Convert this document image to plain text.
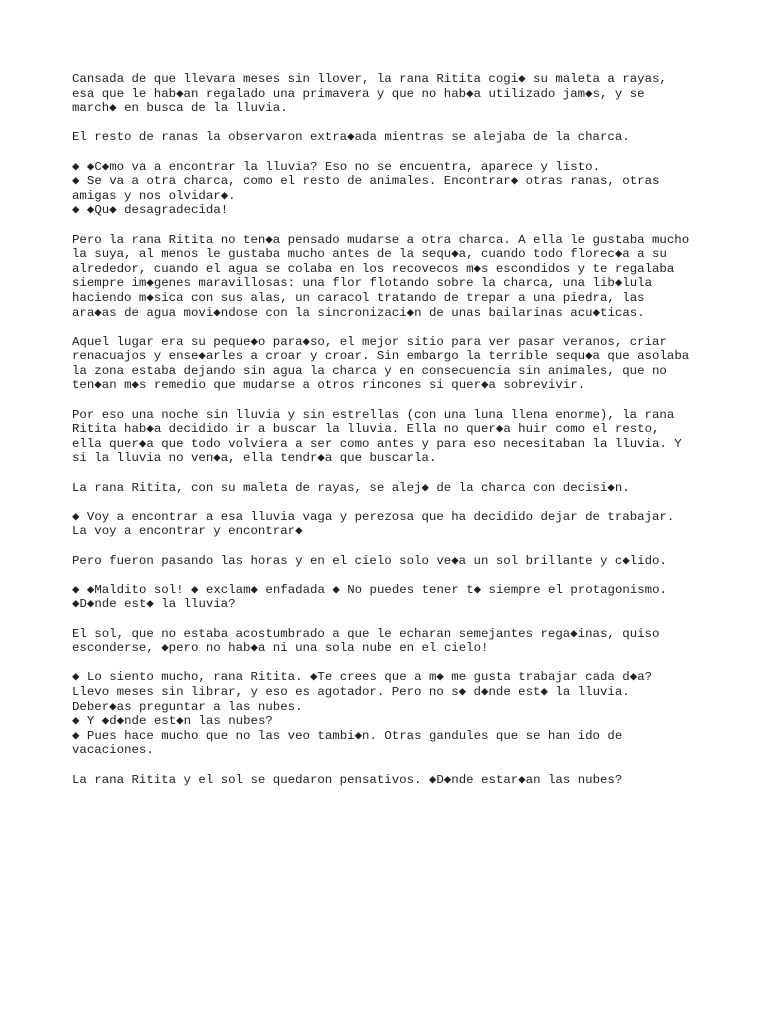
Cansada de que llevara meses sin llover, la rana Ritita cogi◆ su maleta a rayas,
esa que le hab◆an regalado una primavera y que no hab◆a utilizado jam◆s, y se
march◆ en busca de la lluvia.

El resto de ranas la observaron extra◆ada mientras se alejaba de la charca.

◆ ◆C◆mo va a encontrar la lluvia? Eso no se encuentra, aparece y listo.
◆ Se va a otra charca, como el resto de animales. Encontrar◆ otras ranas, otras
amigas y nos olvidar◆.
◆ ◆Qu◆ desagradecida!

Pero la rana Ritita no ten◆a pensado mudarse a otra charca. A ella le gustaba mucho
la suya, al menos le gustaba mucho antes de la sequ◆a, cuando todo florec◆a a su
alrededor, cuando el agua se colaba en los recovecos m◆s escondidos y te regalaba
siempre im◆genes maravillosas: una flor flotando sobre la charca, una lib◆lula
haciendo m◆sica con sus alas, un caracol tratando de trepar a una piedra, las
ara◆as de agua movi◆ndose con la sincronizaci◆n de unas bailarinas acu◆ticas.

Aquel lugar era su peque◆o para◆so, el mejor sitio para ver pasar veranos, criar
renacuajos y ense◆arles a croar y croar. Sin embargo la terrible sequ◆a que asolaba
la zona estaba dejando sin agua la charca y en consecuencia sin animales, que no
ten◆an m◆s remedio que mudarse a otros rincones si quer◆a sobrevivir.

Por eso una noche sin lluvia y sin estrellas (con una luna llena enorme), la rana
Ritita hab◆a decidido ir a buscar la lluvia. Ella no quer◆a huir como el resto,
ella quer◆a que todo volviera a ser como antes y para eso necesitaban la lluvia. Y
si la lluvia no ven◆a, ella tendr◆a que buscarla.

La rana Ritita, con su maleta de rayas, se alej◆ de la charca con decisi◆n.

◆ Voy a encontrar a esa lluvia vaga y perezosa que ha decidido dejar de trabajar.
La voy a encontrar y encontrar◆

Pero fueron pasando las horas y en el cielo solo ve◆a un sol brillante y c◆lido.

◆ ◆Maldito sol! ◆ exclam◆ enfadada ◆ No puedes tener t◆ siempre el protagonismo.
◆D◆nde est◆ la lluvia?

El sol, que no estaba acostumbrado a que le echaran semejantes rega◆inas, quiso
esconderse, ◆pero no hab◆a ni una sola nube en el cielo!

◆ Lo siento mucho, rana Ritita. ◆Te crees que a m◆ me gusta trabajar cada d◆a?
Llevo meses sin librar, y eso es agotador. Pero no s◆ d◆nde est◆ la lluvia.
Deber◆as preguntar a las nubes.
◆ Y ◆d◆nde est◆n las nubes?
◆ Pues hace mucho que no las veo tambi◆n. Otras gandules que se han ido de
vacaciones.

La rana Ritita y el sol se quedaron pensativos. ◆D◆nde estar◆an las nubes?
